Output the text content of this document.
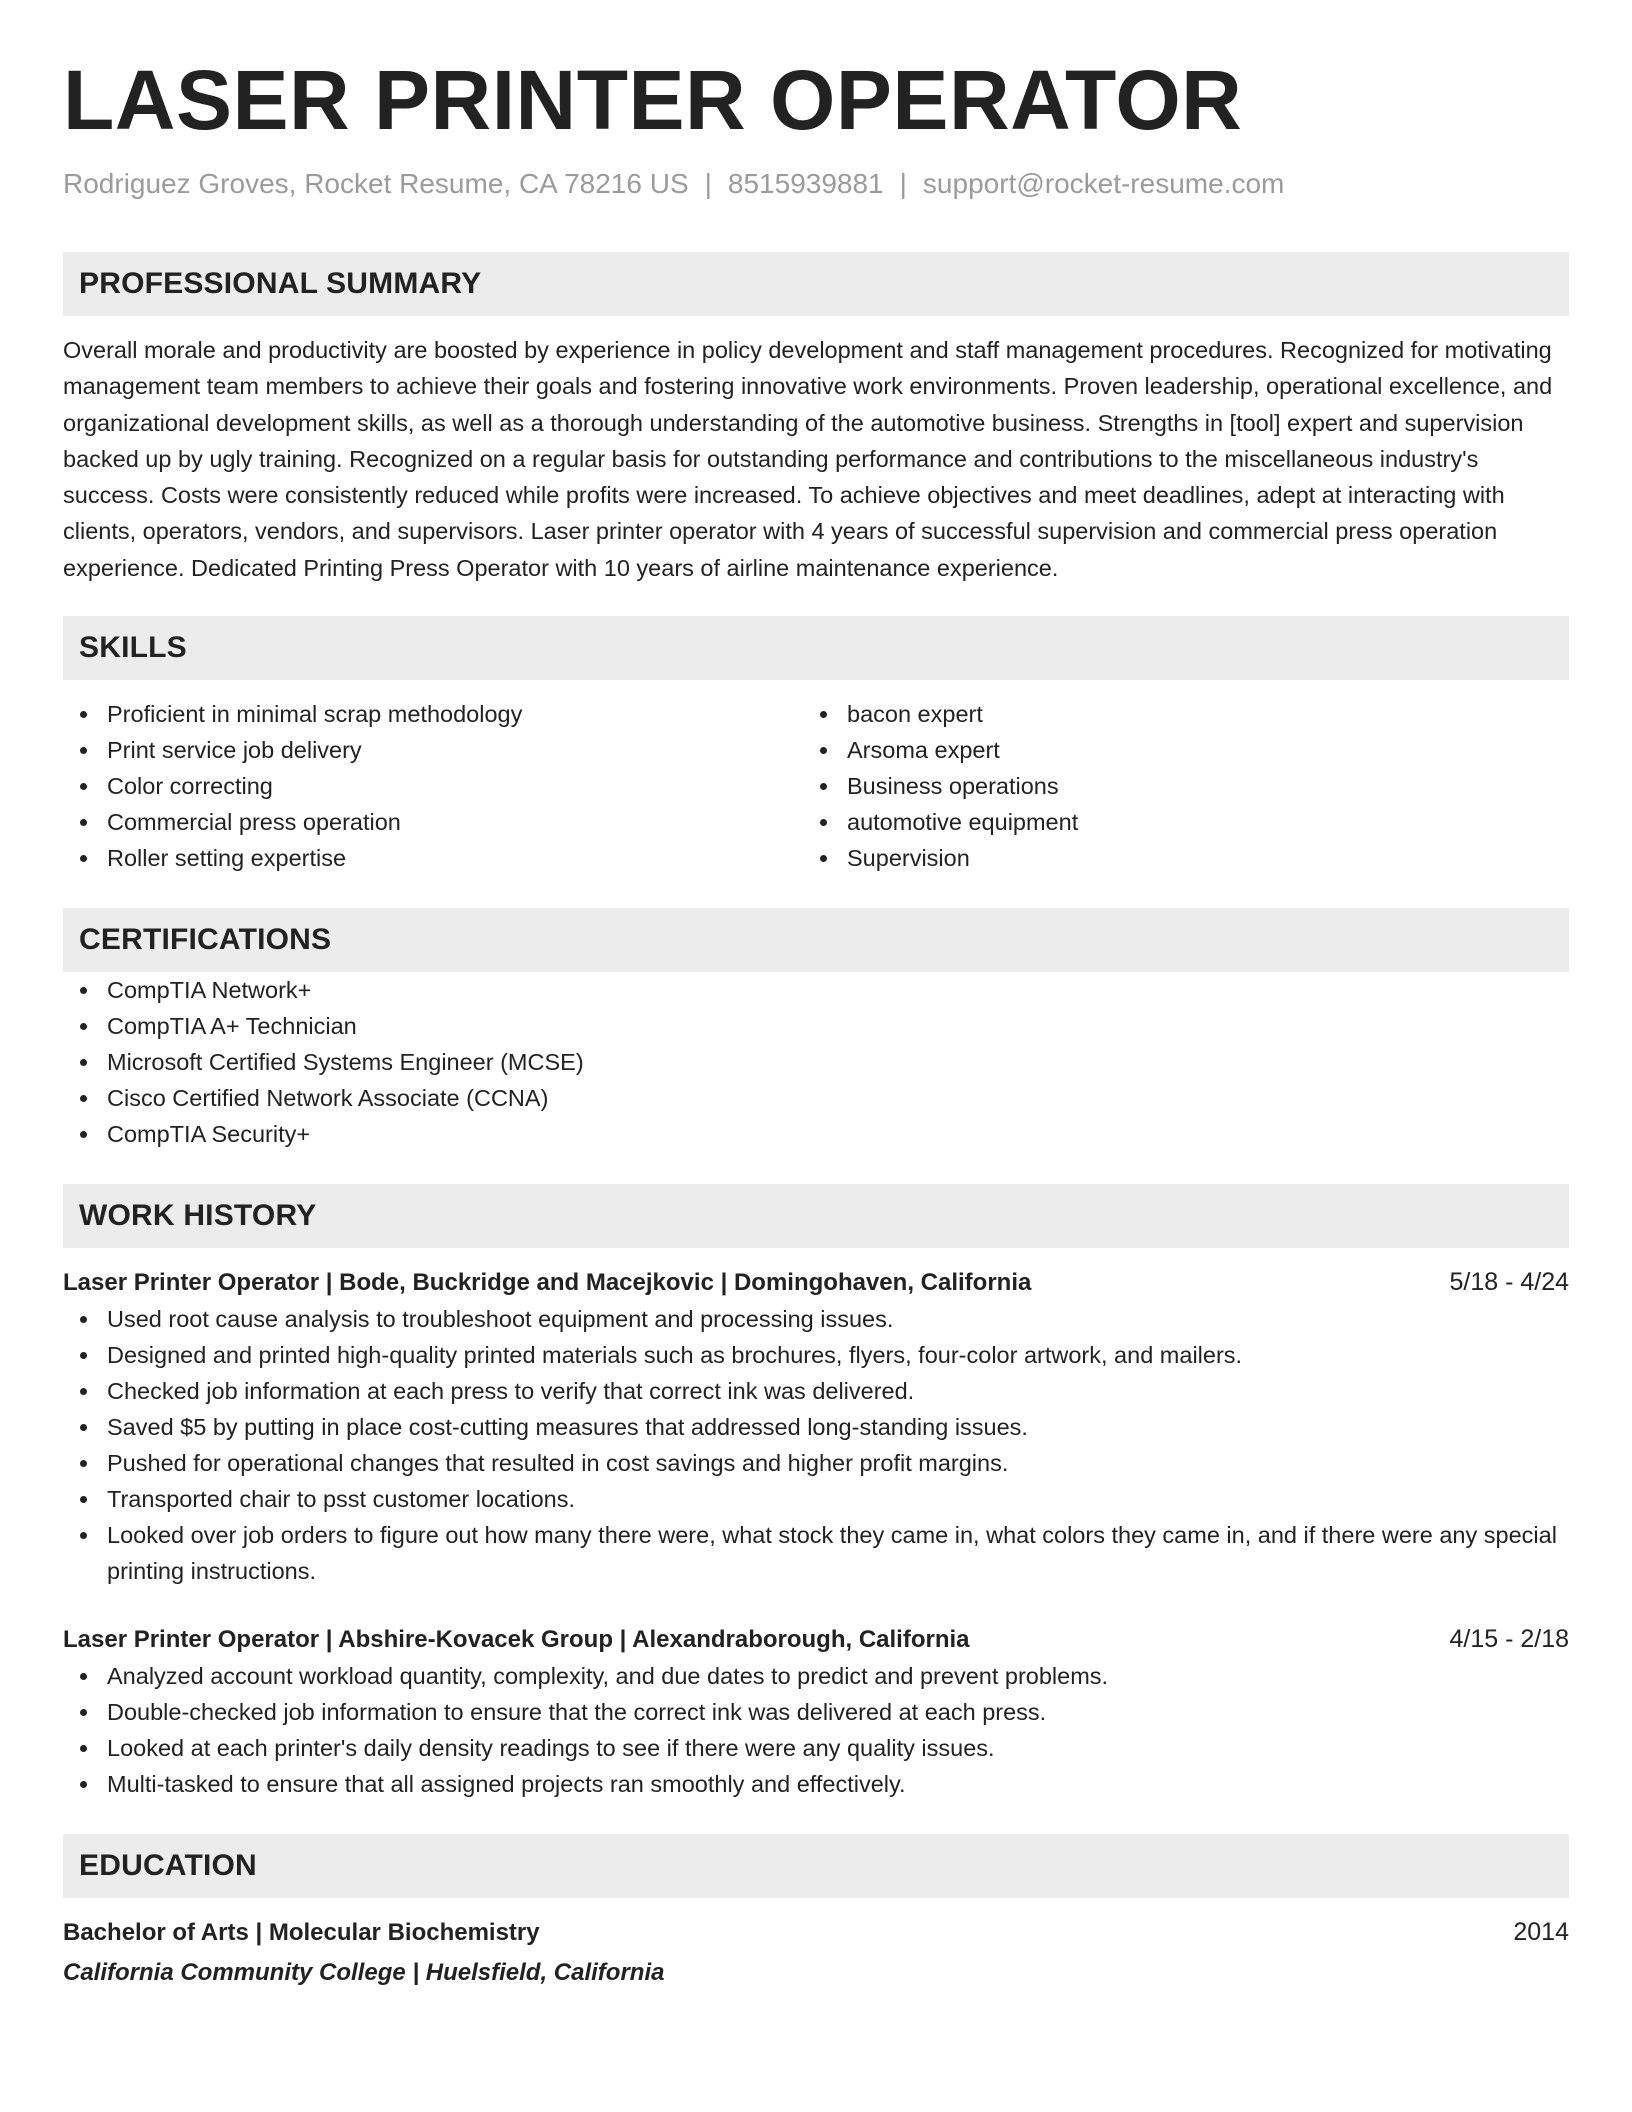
LASER PRINTER OPERATOR
Rodriguez Groves, Rocket Resume, CA 78216 US | 8515939881 | support@rocket-resume.com
PROFESSIONAL SUMMARY

Overall morale and productivity are boosted by experience in policy development and staff management procedures. Recognized for motivating management team members to achieve their goals and fostering innovative work environments. Proven leadership, operational excellence, and organizational development skills, as well as a thorough understanding of the automotive business. Strengths in [tool] expert and supervision backed up by ugly training. Recognized on a regular basis for outstanding performance and contributions to the miscellaneous industry's success. Costs were consistently reduced while profits were increased. To achieve objectives and meet deadlines, adept at interacting with clients, operators, vendors, and supervisors. Laser printer operator with 4 years of successful supervision and commercial press operation experience. Dedicated Printing Press Operator with 10 years of airline maintenance experience.

SKILLS
Proficient in minimal scrap methodology
Print service job delivery
Color correcting
Commercial press operation
Roller setting expertise
bacon expert
Arsoma expert
Business operations
automotive equipment
Supervision
CERTIFICATIONS
CompTIA Network+
CompTIA A+ Technician
Microsoft Certified Systems Engineer (MCSE)
Cisco Certified Network Associate (CCNA)
CompTIA Security+
WORK HISTORY
Laser Printer Operator | Bode, Buckridge and Macejkovic | Domingohaven, California	5/18 - 4/24
Used root cause analysis to troubleshoot equipment and processing issues.
Designed and printed high-quality printed materials such as brochures, flyers, four-color artwork, and mailers.
Checked job information at each press to verify that correct ink was delivered.
Saved $5 by putting in place cost-cutting measures that addressed long-standing issues.
Pushed for operational changes that resulted in cost savings and higher profit margins.
Transported chair to psst customer locations.
Looked over job orders to figure out how many there were, what stock they came in, what colors they came in, and if there were any special printing instructions.
Laser Printer Operator | Abshire-Kovacek Group | Alexandraborough, California	4/15 - 2/18
Analyzed account workload quantity, complexity, and due dates to predict and prevent problems.
Double-checked job information to ensure that the correct ink was delivered at each press.
Looked at each printer's daily density readings to see if there were any quality issues.
Multi-tasked to ensure that all assigned projects ran smoothly and effectively.
EDUCATION
Bachelor of Arts | Molecular Biochemistry	2014
California Community College | Huelsfield, California
